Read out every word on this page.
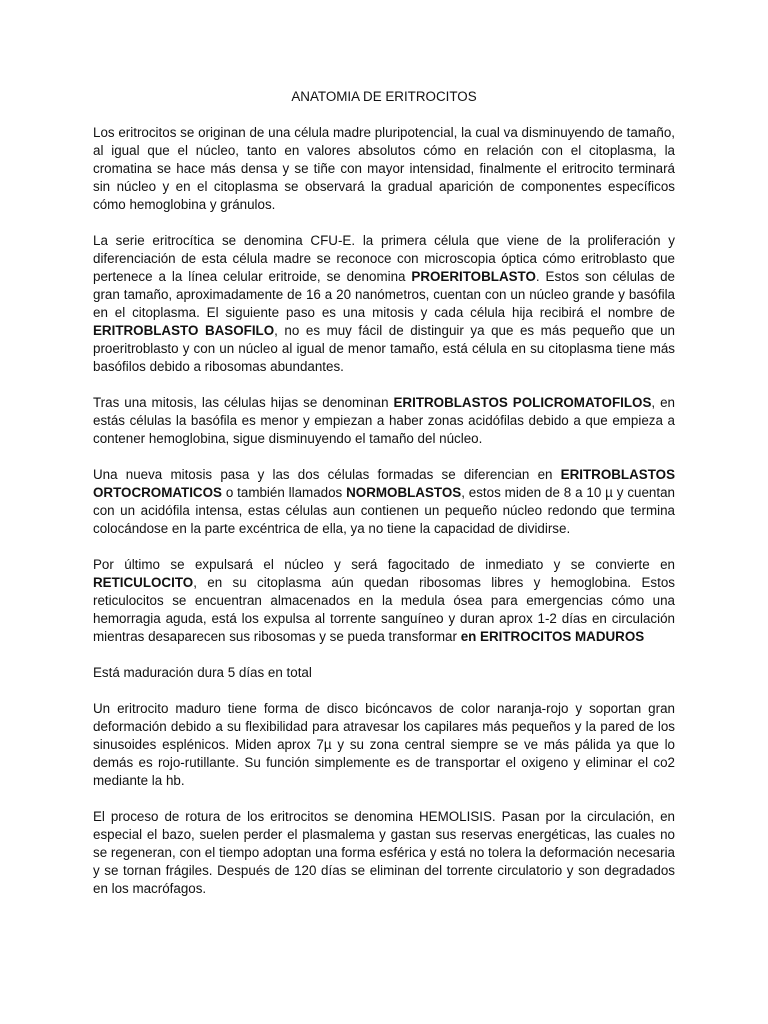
ANATOMIA DE ERITROCITOS

Los eritrocitos se originan de una célula madre pluripotencial, la cual va disminuyendo de tamaño, al igual que el núcleo, tanto en valores absolutos cómo en relación con el citoplasma, la cromatina se hace más densa y se tiñe con mayor intensidad, finalmente el eritrocito terminará sin núcleo y en el citoplasma se observará la gradual aparición de componentes específicos cómo hemoglobina y gránulos.

La serie eritrocítica se denomina CFU-E. la primera célula que viene de la proliferación y diferenciación de esta célula madre se reconoce con microscopia óptica cómo eritroblasto que pertenece a la línea celular eritroide, se denomina PROERITOBLASTO. Estos son células de gran tamaño, aproximadamente de 16 a 20 nanómetros, cuentan con un núcleo grande y basófila en el citoplasma. El siguiente paso es una mitosis y cada célula hija recibirá el nombre de ERITROBLASTO BASOFILO, no es muy fácil de distinguir ya que es más pequeño que un proeritroblasto y con un núcleo al igual de menor tamaño, está célula en su citoplasma tiene más basófilos debido a ribosomas abundantes.

Tras una mitosis, las células hijas se denominan ERITROBLASTOS POLICROMATOFILOS, en estás células la basófila es menor y empiezan a haber zonas acidófilas debido a que empieza a contener hemoglobina, sigue disminuyendo el tamaño del núcleo.

Una nueva mitosis pasa y las dos células formadas se diferencian en ERITROBLASTOS ORTOCROMATICOS o también llamados NORMOBLASTOS, estos miden de 8 a 10 µ y cuentan con un acidófila intensa, estas células aun contienen un pequeño núcleo redondo que termina colocándose en la parte excéntrica de ella, ya no tiene la capacidad de dividirse.

Por último se expulsará el núcleo y será fagocitado de inmediato y se convierte en RETICULOCITO, en su citoplasma aún quedan ribosomas libres y hemoglobina. Estos reticulocitos se encuentran almacenados en la medula ósea para emergencias cómo una hemorragia aguda, está los expulsa al torrente sanguíneo y duran aprox 1-2 días en circulación mientras desaparecen sus ribosomas y se pueda transformar en ERITROCITOS MADUROS

Está maduración dura 5 días en total

Un eritrocito maduro tiene forma de disco bicóncavos de color naranja-rojo y soportan gran deformación debido a su flexibilidad para atravesar los capilares más pequeños y la pared de los sinusoides esplénicos. Miden aprox 7µ y su zona central siempre se ve más pálida ya que lo demás es rojo-rutillante. Su función simplemente es de transportar el oxigeno y eliminar el co2 mediante la hb.

El proceso de rotura de los eritrocitos se denomina HEMOLISIS. Pasan por la circulación, en especial el bazo, suelen perder el plasmalema y gastan sus reservas energéticas, las cuales no se regeneran, con el tiempo adoptan una forma esférica y está no tolera la deformación necesaria y se tornan frágiles. Después de 120 días se eliminan del torrente circulatorio y son degradados en los macrófagos.
